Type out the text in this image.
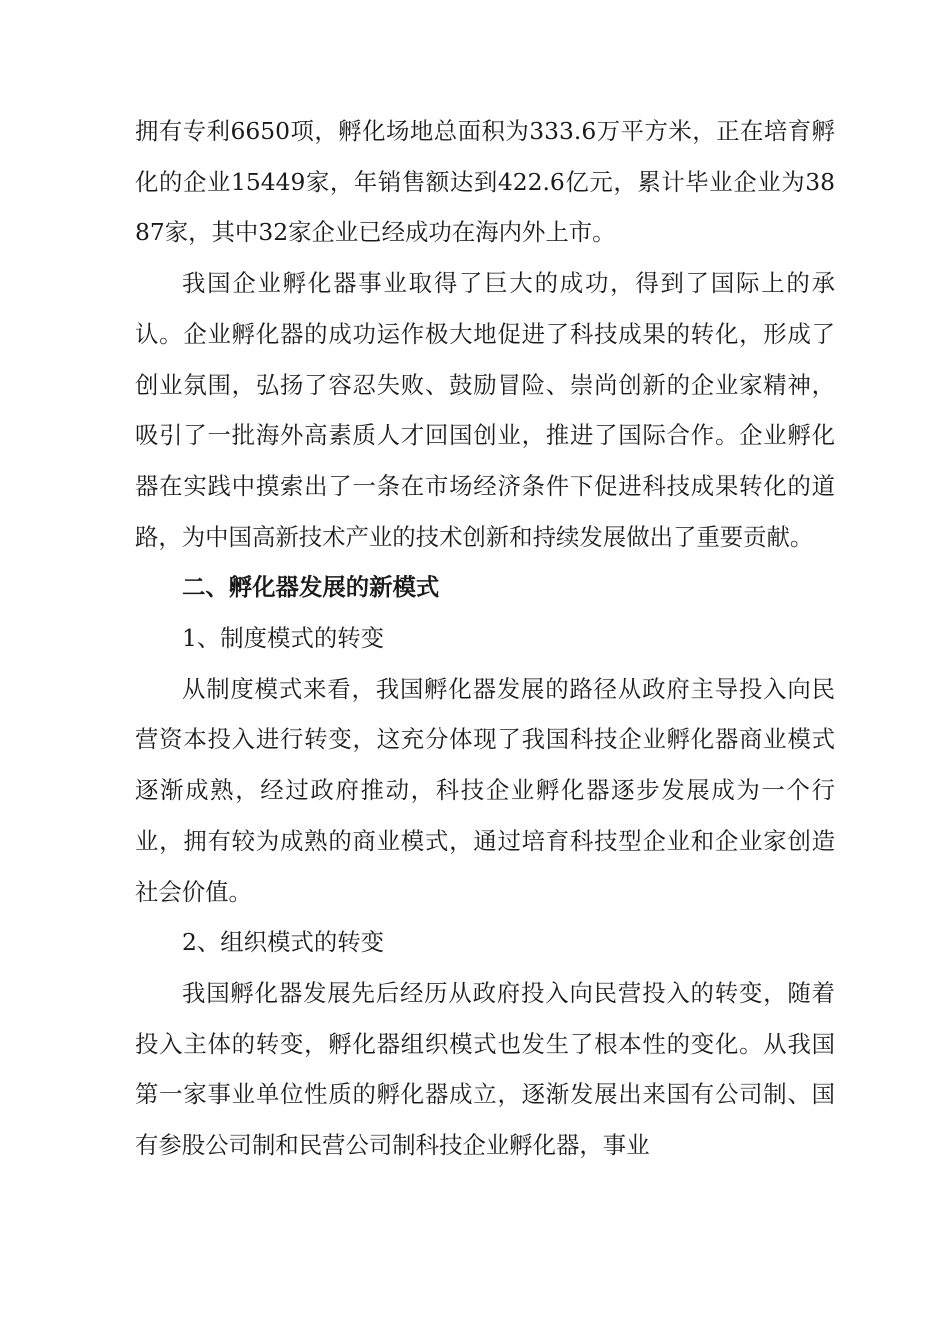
拥有专利6650项，孵化场地总面积为333.6万平方米，正在培育孵化的企业15449家，年销售额达到422.6亿元，累计毕业企业为3887家，其中32家企业已经成功在海内外上市。

我国企业孵化器事业取得了巨大的成功，得到了国际上的承认。企业孵化器的成功运作极大地促进了科技成果的转化，形成了创业氛围，弘扬了容忍失败、鼓励冒险、崇尚创新的企业家精神，吸引了一批海外高素质人才回国创业，推进了国际合作。企业孵化器在实践中摸索出了一条在市场经济条件下促进科技成果转化的道路，为中国高新技术产业的技术创新和持续发展做出了重要贡献。

二、孵化器发展的新模式

1、制度模式的转变

从制度模式来看，我国孵化器发展的路径从政府主导投入向民营资本投入进行转变，这充分体现了我国科技企业孵化器商业模式逐渐成熟，经过政府推动，科技企业孵化器逐步发展成为一个行业，拥有较为成熟的商业模式，通过培育科技型企业和企业家创造社会价值。

2、组织模式的转变

我国孵化器发展先后经历从政府投入向民营投入的转变，随着投入主体的转变，孵化器组织模式也发生了根本性的变化。从我国第一家事业单位性质的孵化器成立，逐渐发展出来国有公司制、国有参股公司制和民营公司制科技企业孵化器，事业
